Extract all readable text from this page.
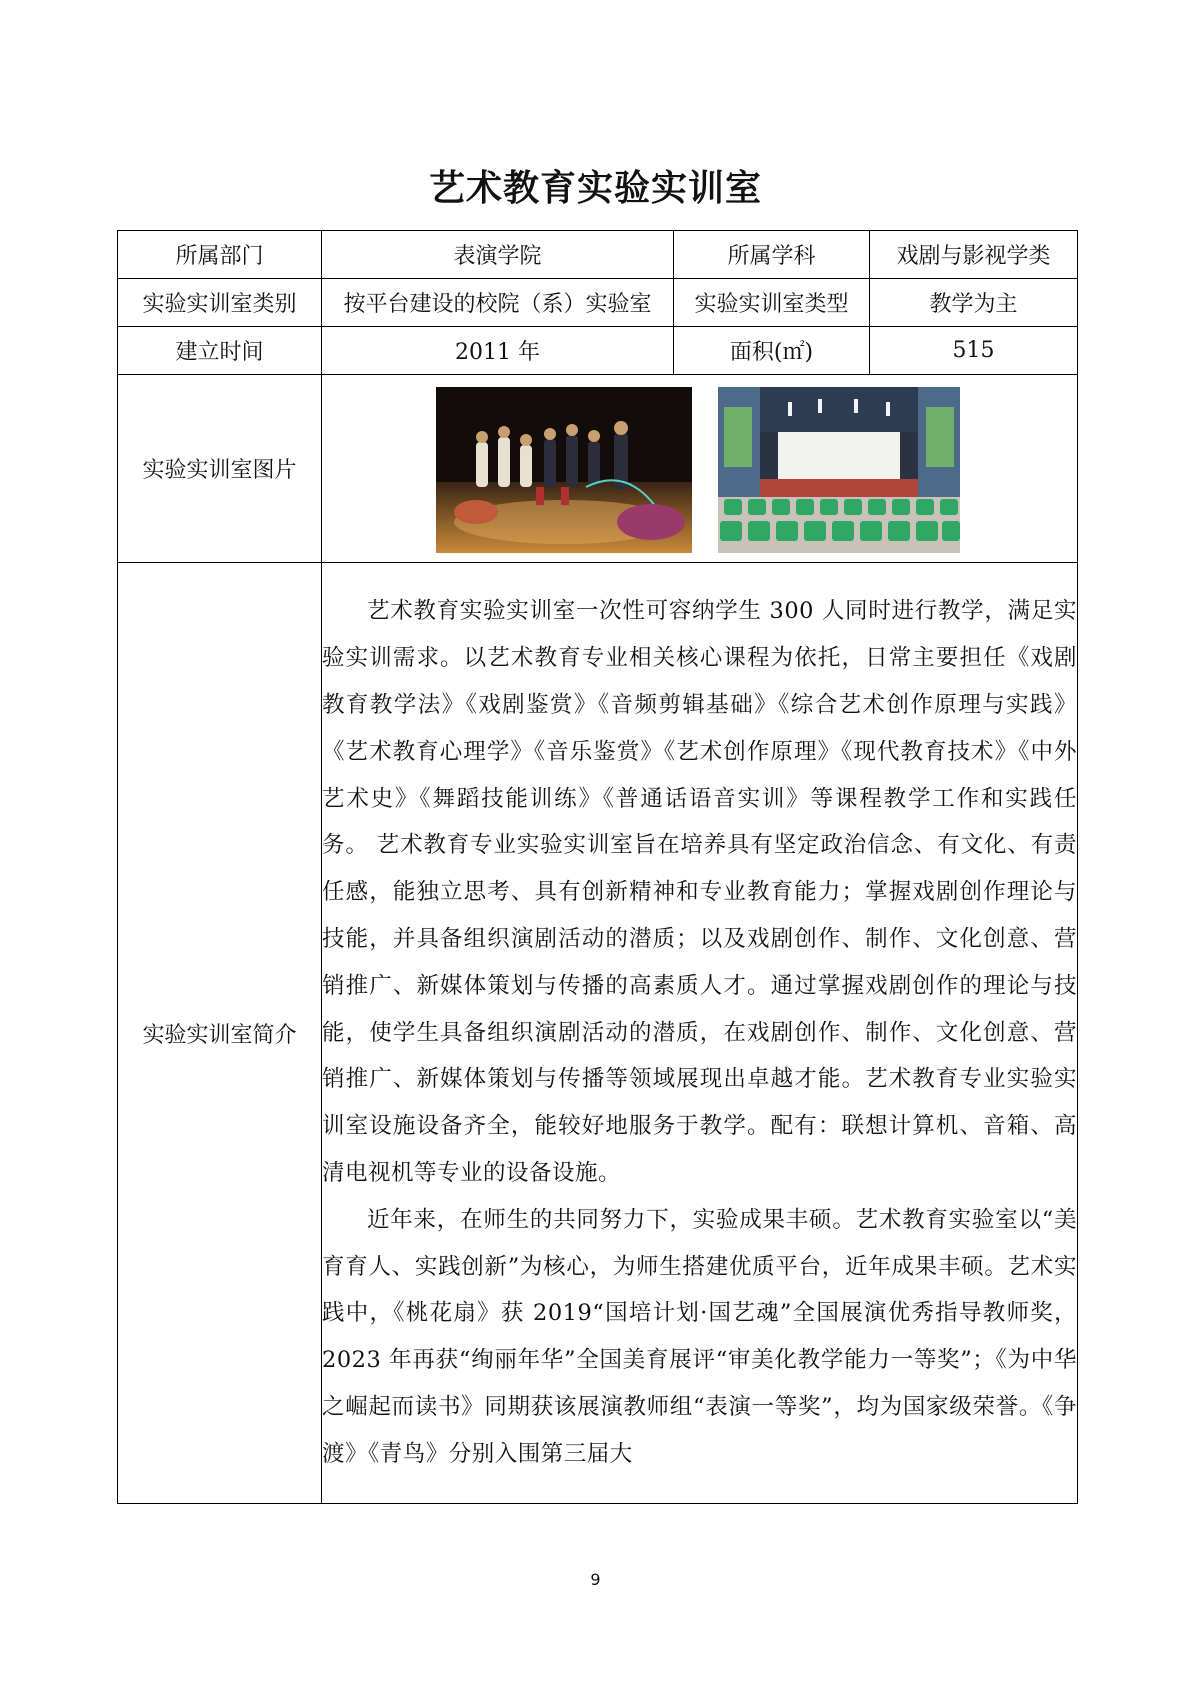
艺术教育实验实训室
所属部门	表演学院	所属学科	戏剧与影视学类
实验实训室类别	按平台建设的校院（系）实验室	实验实训室类型	教学为主
建立时间	2011 年	面积(㎡)	515
实验实训室图片	

实验实训室简介	艺术教育实验实训室一次性可容纳学生 300 人同时进行教学，满足实验实训需求。以艺术教育专业相关核心课程为依托，日常主要担任《戏剧教育教学法》《戏剧鉴赏》《音频剪辑基础》《综合艺术创作原理与实践》《艺术教育心理学》《音乐鉴赏》《艺术创作原理》《现代教育技术》《中外艺术史》《舞蹈技能训练》《普通话语音实训》等课程教学工作和实践任务。 艺术教育专业实验实训室旨在培养具有坚定政治信念、有文化、有责任感，能独立思考、具有创新精神和专业教育能力；掌握戏剧创作理论与技能，并具备组织演剧活动的潜质；以及戏剧创作、制作、文化创意、营销推广、新媒体策划与传播的高素质人才。通过掌握戏剧创作的理论与技能，使学生具备组织演剧活动的潜质，在戏剧创作、制作、文化创意、营销推广、新媒体策划与传播等领域展现出卓越才能。艺术教育专业实验实训室设施设备齐全，能较好地服务于教学。配有：联想计算机、音箱、高清电视机等专业的设备设施。

近年来，在师生的共同努力下，实验成果丰硕。艺术教育实验室以“美育育人、实践创新”为核心，为师生搭建优质平台，近年成果丰硕。艺术实践中，《桃花扇》获 2019“国培计划·国艺魂”全国展演优秀指导教师奖，2023 年再获“绚丽年华”全国美育展评“审美化教学能力一等奖”；《为中华之崛起而读书》同期获该展演教师组“表演一等奖”，均为国家级荣誉。《争渡》《青鸟》分别入围第三届大		

9
